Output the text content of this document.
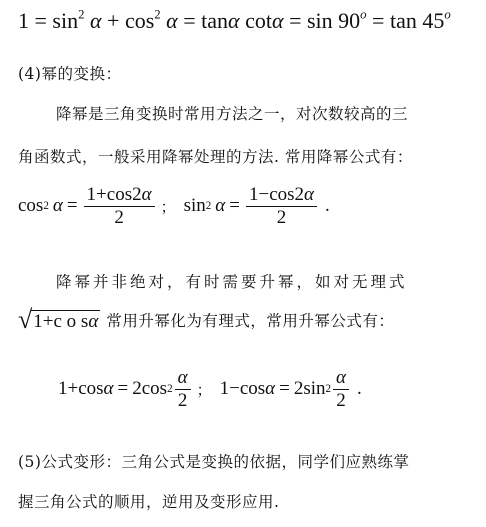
$1 = \sin^2 \alpha + \cos^2 \alpha = \tan\alpha$ $\cot\alpha = \sin 90^o = \tan 45^o$
(4)幂的变换：
降幂是三角变换时常用方法之一，对次数较高的三
角函数式，一般采用降幂处理的方法. 常用降幂公式有：
cos 2 $\alpha = \frac{1+\cos 2\alpha}{2}$ ； sin 2 $\alpha = \frac{1-\cos 2\alpha}{2}$ .
降幂并非绝对，有时需要升幂，如对无理式
√ 1+c o sα 常用升幂化为有理式，常用升幂公式有：
1+ cos α = 2 $\cos 2 \frac{\alpha}{2}$ ； 1− cos α = 2 $\sin 2 \frac{\alpha}{2}$ .
(5)公式变形：三角公式是变换的依据，同学们应熟练掌
握三角公式的顺用，逆用及变形应用.
